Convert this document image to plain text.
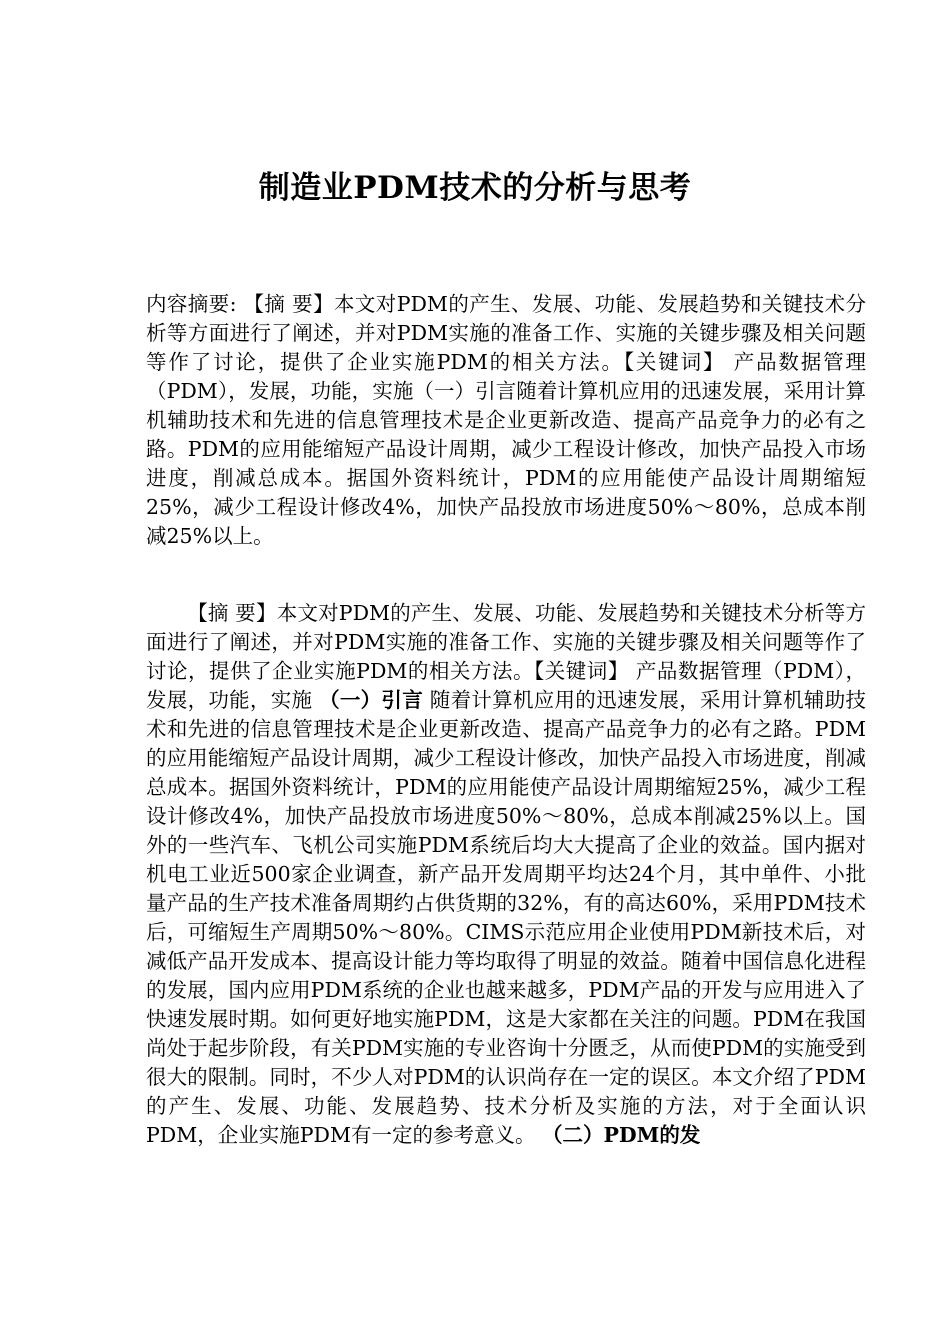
制造业PDM技术的分析与思考
内容摘要: 【摘 要】本文对PDM的产生、发展、功能、发展趋势和关键技术分析等方面进行了阐述，并对PDM实施的准备工作、实施的关键步骤及相关问题等作了讨论，提供了企业实施PDM的相关方法。【关键词】 产品数据管理（PDM），发展，功能，实施（一）引言随着计算机应用的迅速发展，采用计算机辅助技术和先进的信息管理技术是企业更新改造、提高产品竞争力的必有之路。PDM的应用能缩短产品设计周期，减少工程设计修改，加快产品投入市场进度，削减总成本。据国外资料统计，PDM的应用能使产品设计周期缩短25%，减少工程设计修改4%，加快产品投放市场进度50%～80%，总成本削减25%以上。
【摘 要】本文对PDM的产生、发展、功能、发展趋势和关键技术分析等方面进行了阐述，并对PDM实施的准备工作、实施的关键步骤及相关问题等作了讨论，提供了企业实施PDM的相关方法。【关键词】 产品数据管理（PDM），发展，功能，实施 （一）引言 随着计算机应用的迅速发展，采用计算机辅助技术和先进的信息管理技术是企业更新改造、提高产品竞争力的必有之路。PDM的应用能缩短产品设计周期，减少工程设计修改，加快产品投入市场进度，削减总成本。据国外资料统计，PDM的应用能使产品设计周期缩短25%，减少工程设计修改4%，加快产品投放市场进度50%～80%，总成本削减25%以上。国外的一些汽车、飞机公司实施PDM系统后均大大提高了企业的效益。国内据对机电工业近500家企业调查，新产品开发周期平均达24个月，其中单件、小批量产品的生产技术准备周期约占供货期的32%，有的高达60%，采用PDM技术后，可缩短生产周期50%～80%。CIMS示范应用企业使用PDM新技术后，对减低产品开发成本、提高设计能力等均取得了明显的效益。随着中国信息化进程的发展，国内应用PDM系统的企业也越来越多，PDM产品的开发与应用进入了快速发展时期。如何更好地实施PDM，这是大家都在关注的问题。PDM在我国尚处于起步阶段，有关PDM实施的专业咨询十分匮乏，从而使PDM的实施受到很大的限制。同时，不少人对PDM的认识尚存在一定的误区。本文介绍了PDM的产生、发展、功能、发展趋势、技术分析及实施的方法，对于全面认识PDM，企业实施PDM有一定的参考意义。 （二）PDM的发
